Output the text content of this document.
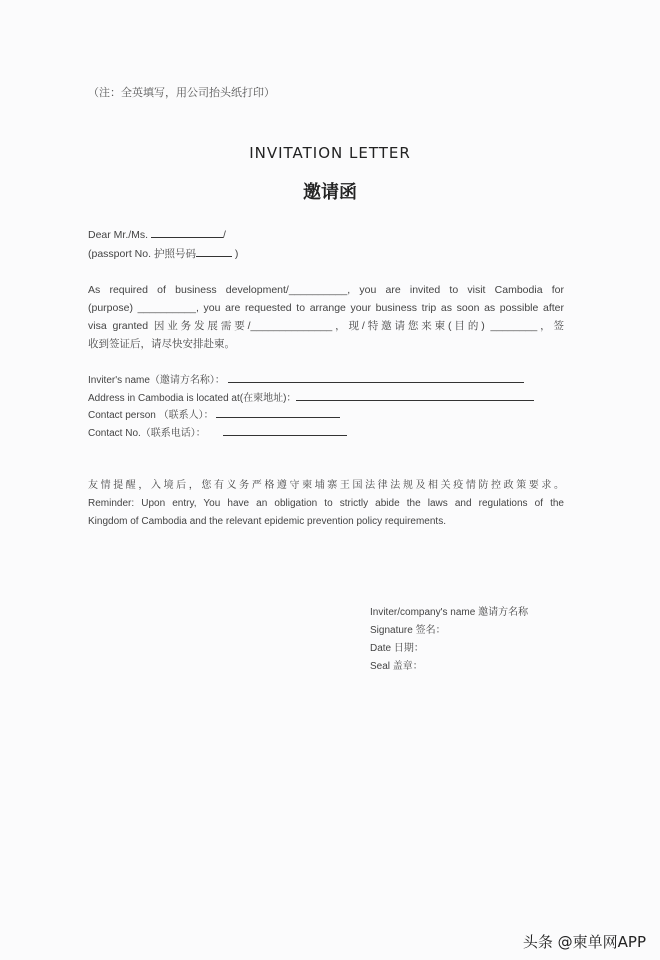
（注：全英填写，用公司抬头纸打印）
INVITATION LETTER
邀请函
Dear Mr./Ms.	/
(passport No. 护照号码	)
As required of business development/__________, you are invited to visit Cambodia for
(purpose) __________, you are requested to arrange your business trip as soon as possible after
visa granted 因业务发展需要/______________，现/特邀请您来柬(目的) ________，签
收到签证后，请尽快安排赴柬。
Inviter's name（邀请方名称）：
Address in Cambodia is located at(在柬地址)：
Contact person （联系人）：
Contact No.（联系电话）：
友情提醒，入境后，您有义务严格遵守柬埔寨王国法律法规及相关疫情防控政策要求。
Reminder: Upon entry, You have an obligation to strictly abide the laws and regulations of the
Kingdom of Cambodia and the relevant epidemic prevention policy requirements.
Inviter/company's name 邀请方名称
Signature 签名：
Date 日期：
Seal 盖章：
头条 @柬单网APP
